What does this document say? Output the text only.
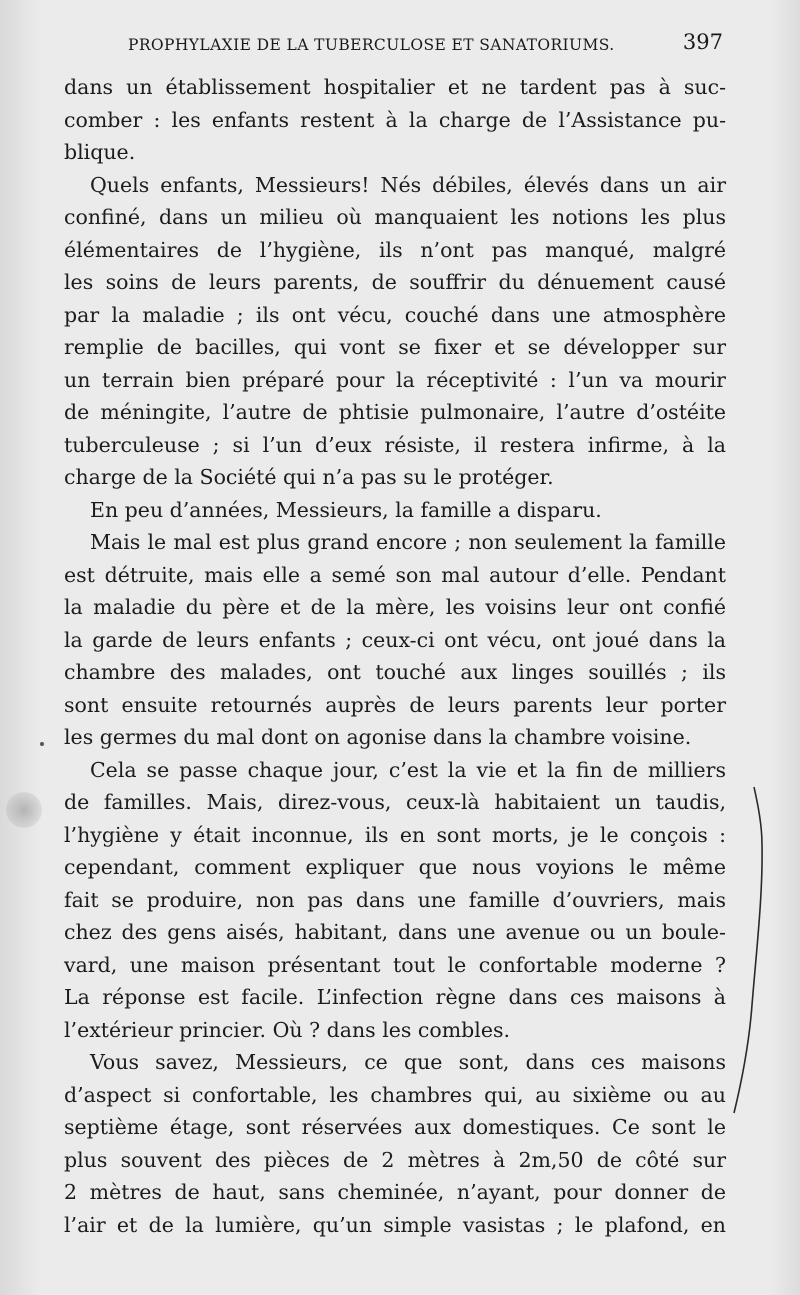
PROPHYLAXIE DE LA TUBERCULOSE ET SANATORIUMS.	397
dans un établissement hospitalier et ne tardent pas à suc-
comber : les enfants restent à la charge de l’Assistance pu-
blique.
Quels enfants, Messieurs! Nés débiles, élevés dans un air
confiné, dans un milieu où manquaient les notions les plus
élémentaires de l’hygiène, ils n’ont pas manqué, malgré
les soins de leurs parents, de souffrir du dénuement causé
par la maladie ; ils ont vécu, couché dans une atmosphère
remplie de bacilles, qui vont se fixer et se développer sur
un terrain bien préparé pour la réceptivité : l’un va mourir
de méningite, l’autre de phtisie pulmonaire, l’autre d’ostéite
tuberculeuse ; si l’un d’eux résiste, il restera infirme, à la
charge de la Société qui n’a pas su le protéger.
En peu d’années, Messieurs, la famille a disparu.
Mais le mal est plus grand encore ; non seulement la famille
est détruite, mais elle a semé son mal autour d’elle. Pendant
la maladie du père et de la mère, les voisins leur ont confié
la garde de leurs enfants ; ceux-ci ont vécu, ont joué dans la
chambre des malades, ont touché aux linges souillés ; ils
sont ensuite retournés auprès de leurs parents leur porter
les germes du mal dont on agonise dans la chambre voisine.
Cela se passe chaque jour, c’est la vie et la fin de milliers
de familles. Mais, direz-vous, ceux-là habitaient un taudis,
l’hygiène y était inconnue, ils en sont morts, je le conçois :
cependant, comment expliquer que nous voyions le même
fait se produire, non pas dans une famille d’ouvriers, mais
chez des gens aisés, habitant, dans une avenue ou un boule-
vard, une maison présentant tout le confortable moderne ?
La réponse est facile. L’infection règne dans ces maisons à
l’extérieur princier. Où ? dans les combles.
Vous savez, Messieurs, ce que sont, dans ces maisons
d’aspect si confortable, les chambres qui, au sixième ou au
septième étage, sont réservées aux domestiques. Ce sont le
plus souvent des pièces de 2 mètres à 2m,50 de côté sur
2 mètres de haut, sans cheminée, n’ayant, pour donner de
l’air et de la lumière, qu’un simple vasistas ; le plafond, en
